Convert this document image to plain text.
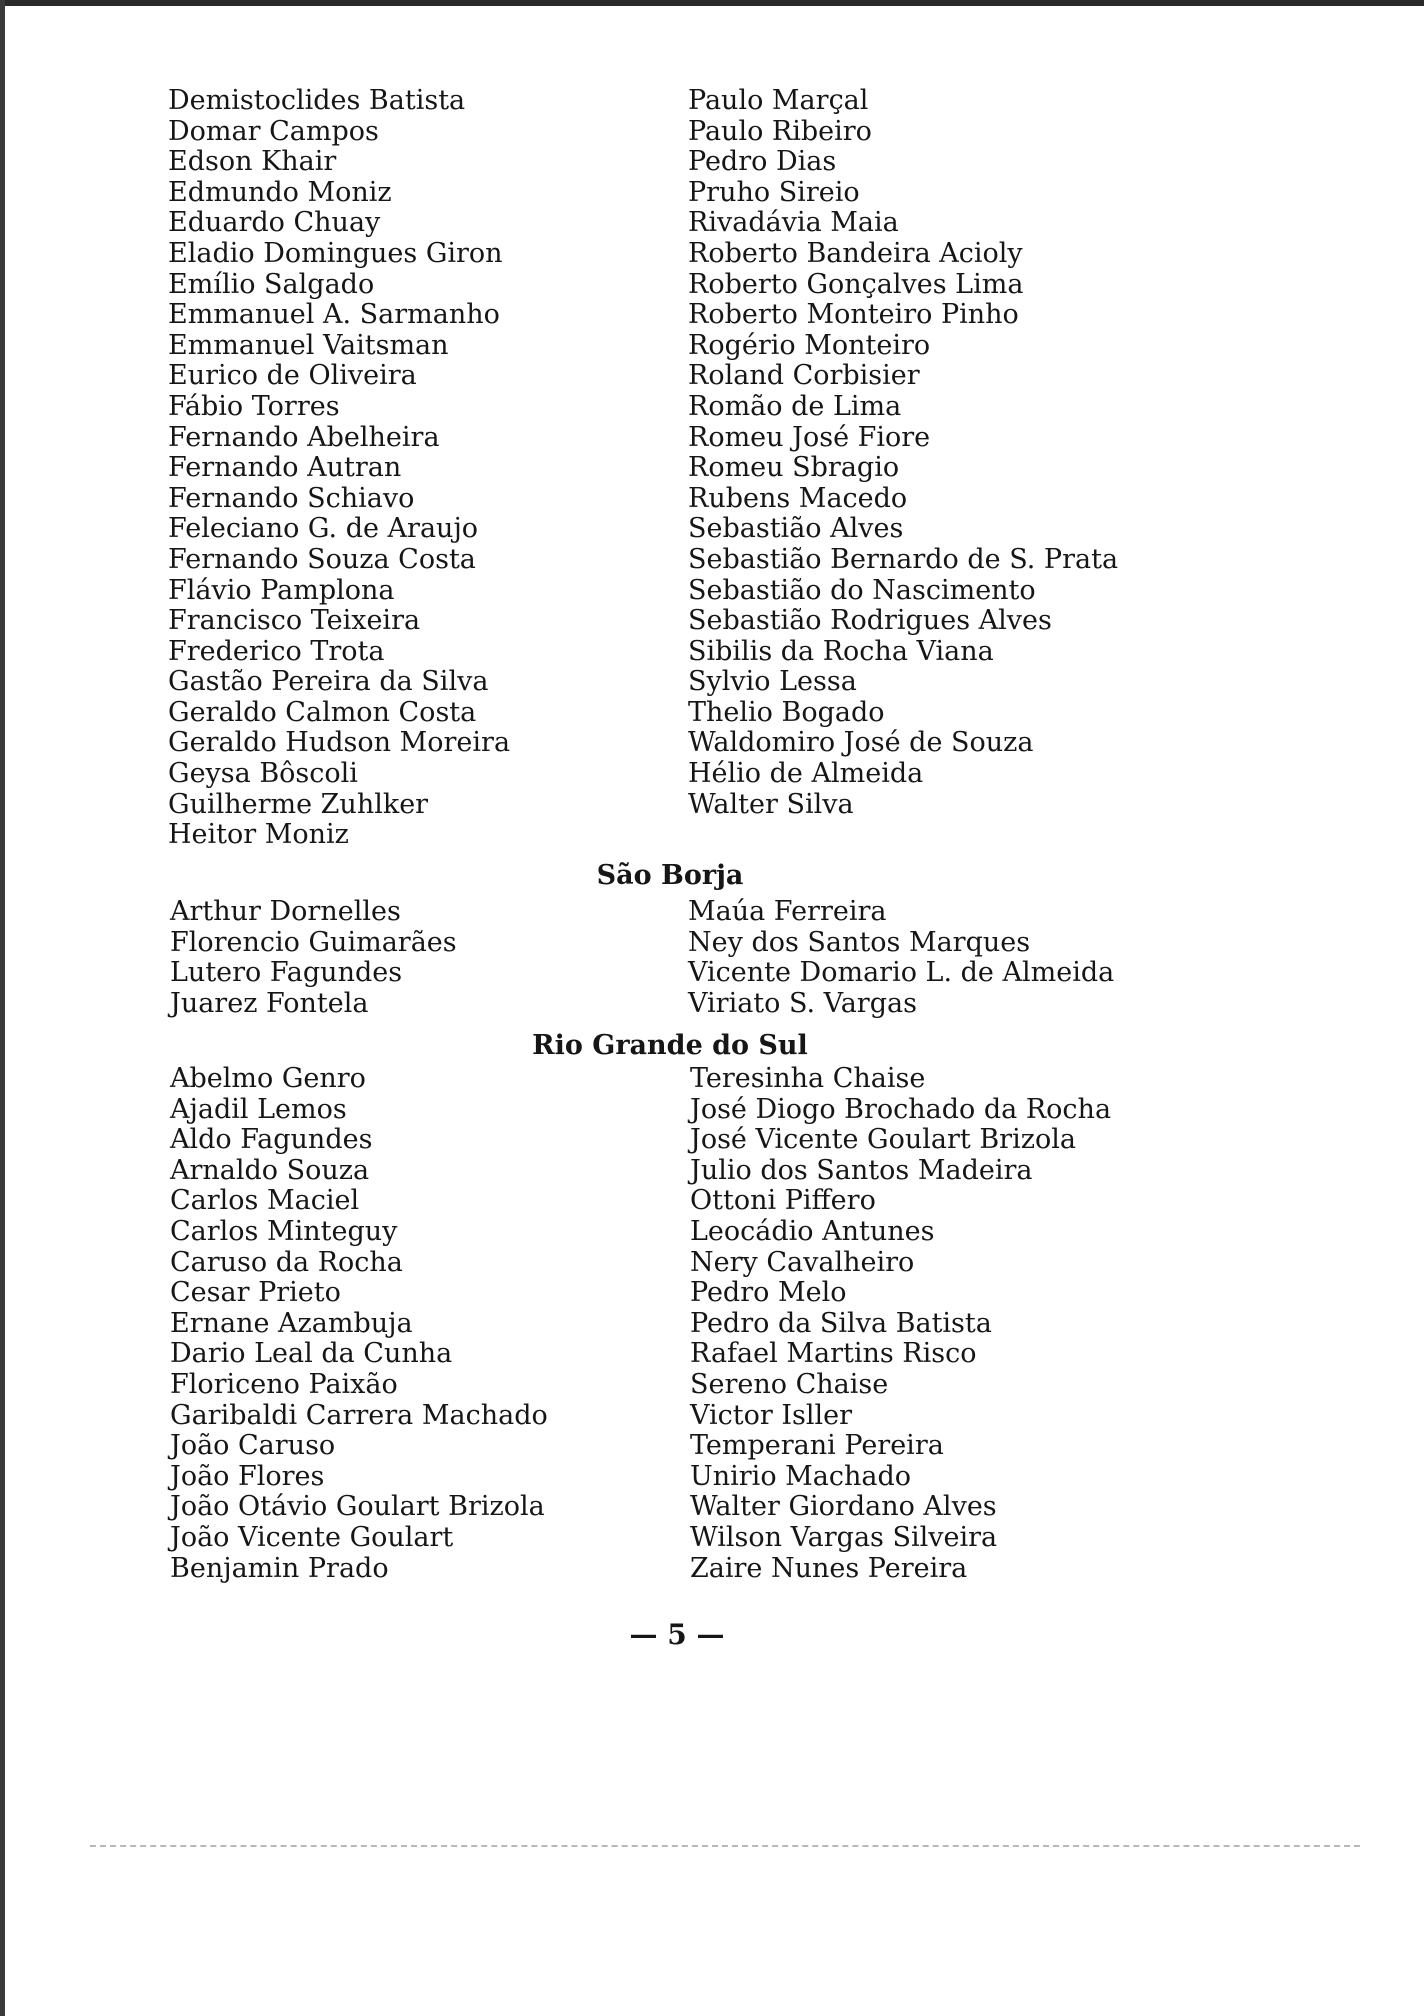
Demistoclides Batista
Domar Campos
Edson Khair
Edmundo Moniz
Eduardo Chuay
Eladio Domingues Giron
Emílio Salgado
Emmanuel A. Sarmanho
Emmanuel Vaitsman
Eurico de Oliveira
Fábio Torres
Fernando Abelheira
Fernando Autran
Fernando Schiavo
Feleciano G. de Araujo
Fernando Souza Costa
Flávio Pamplona
Francisco Teixeira
Frederico Trota
Gastão Pereira da Silva
Geraldo Calmon Costa
Geraldo Hudson Moreira
Geysa Bôscoli
Guilherme Zuhlker
Heitor Moniz
Paulo Marçal
Paulo Ribeiro
Pedro Dias
Pruho Sireio
Rivadávia Maia
Roberto Bandeira Acioly
Roberto Gonçalves Lima
Roberto Monteiro Pinho
Rogério Monteiro
Roland Corbisier
Romão de Lima
Romeu José Fiore
Romeu Sbragio
Rubens Macedo
Sebastião Alves
Sebastião Bernardo de S. Prata
Sebastião do Nascimento
Sebastião Rodrigues Alves
Sibilis da Rocha Viana
Sylvio Lessa
Thelio Bogado
Waldomiro José de Souza
Hélio de Almeida
Walter Silva
São Borja
Arthur Dornelles
Florencio Guimarães
Lutero Fagundes
Juarez Fontela
Maúa Ferreira
Ney dos Santos Marques
Vicente Domario L. de Almeida
Viriato S. Vargas
Rio Grande do Sul
Abelmo Genro
Ajadil Lemos
Aldo Fagundes
Arnaldo Souza
Carlos Maciel
Carlos Minteguy
Caruso da Rocha
Cesar Prieto
Ernane Azambuja
Dario Leal da Cunha
Floriceno Paixão
Garibaldi Carrera Machado
João Caruso
João Flores
João Otávio Goulart Brizola
João Vicente Goulart
Benjamin Prado
Teresinha Chaise
José Diogo Brochado da Rocha
José Vicente Goulart Brizola
Julio dos Santos Madeira
Ottoni Piffero
Leocádio Antunes
Nery Cavalheiro
Pedro Melo
Pedro da Silva Batista
Rafael Martins Risco
Sereno Chaise
Victor Isller
Temperani Pereira
Unirio Machado
Walter Giordano Alves
Wilson Vargas Silveira
Zaire Nunes Pereira
— 5 —
